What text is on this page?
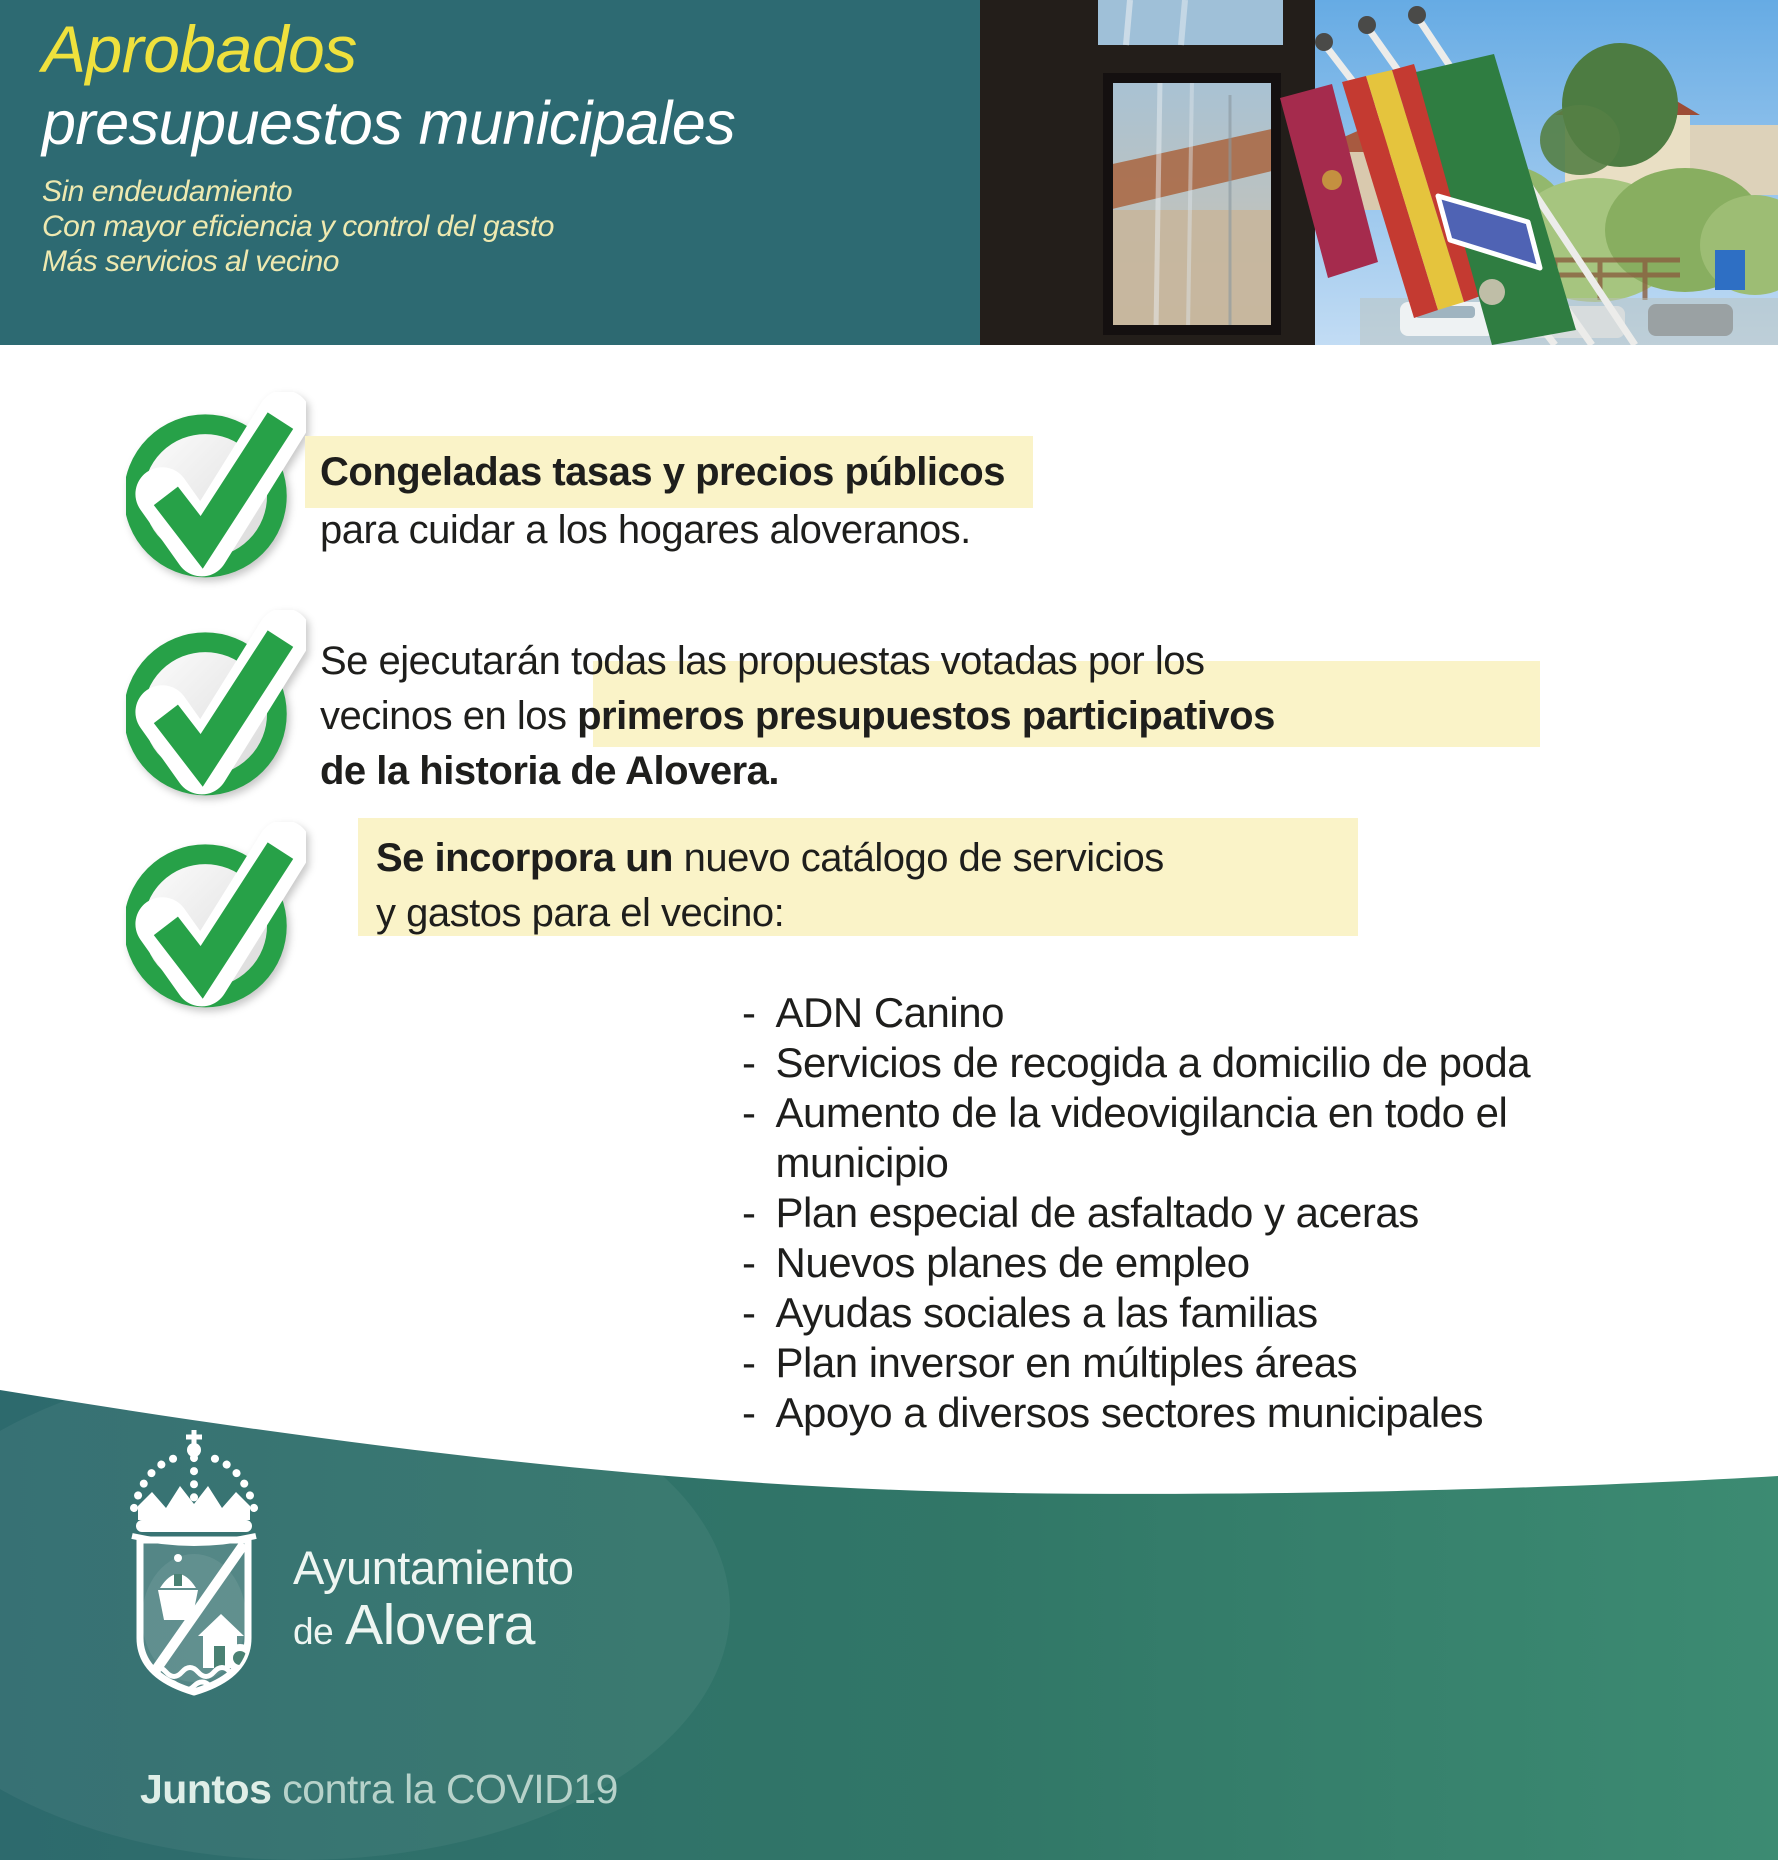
Aprobados
presupuestos municipales
Sin endeudamiento
Con mayor eficiencia y control del gasto
Más servicios al vecino
Congeladas tasas y precios públicos
para cuidar a los hogares aloveranos.
Se ejecutarán todas las propuestas votadas por los
vecinos en los primeros presupuestos participativos
de la historia de Alovera.
Se incorpora un nuevo catálogo de servicios
y gastos para el vecino:
- ADN Canino
- Servicios de recogida a domicilio de poda
- Aumento de la videovigilancia en todo el municipio
- Plan especial de asfaltado y aceras
- Nuevos planes de empleo
- Ayudas sociales a las familias
- Plan inversor en múltiples áreas
- Apoyo a diversos sectores municipales
Ayuntamiento
de Alovera
Juntos contra la COVID19
